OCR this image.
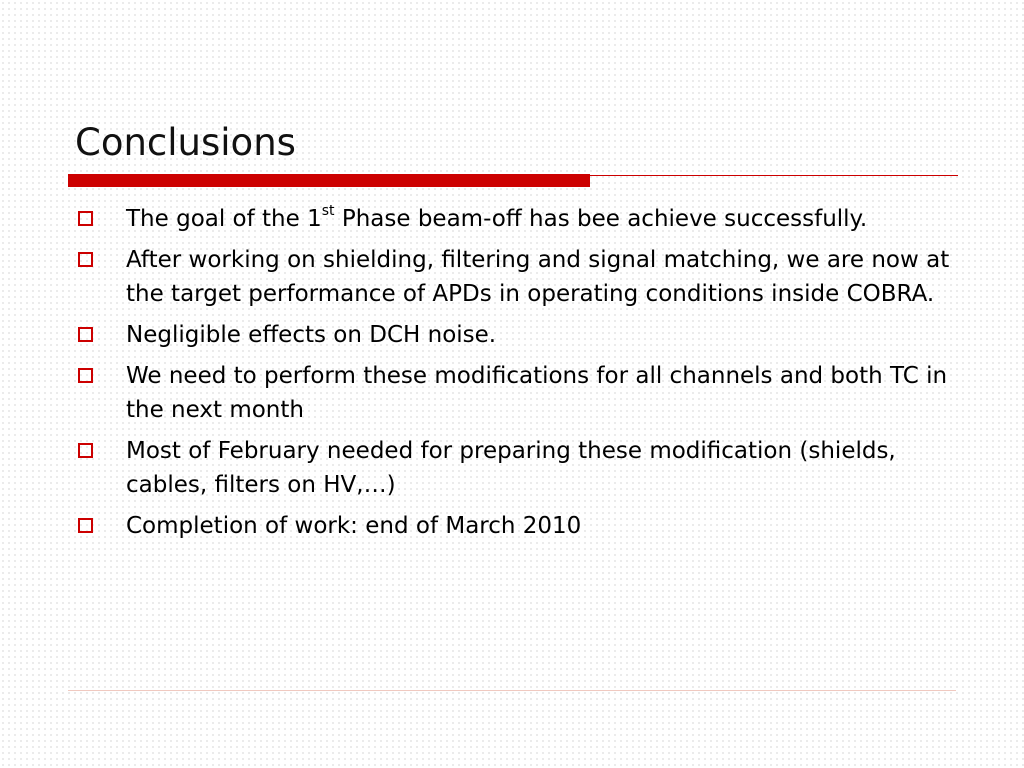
Conclusions
The goal of the 1st Phase beam-off has bee achieve successfully.
After working on shielding, filtering and signal matching, we are now at the target performance of APDs in operating conditions inside COBRA.
Negligible effects on DCH noise.
We need to perform these modifications for all channels and both TC in the next month
Most of February needed for preparing these modification (shields, cables, filters on HV,…)
Completion of work: end of March 2010
